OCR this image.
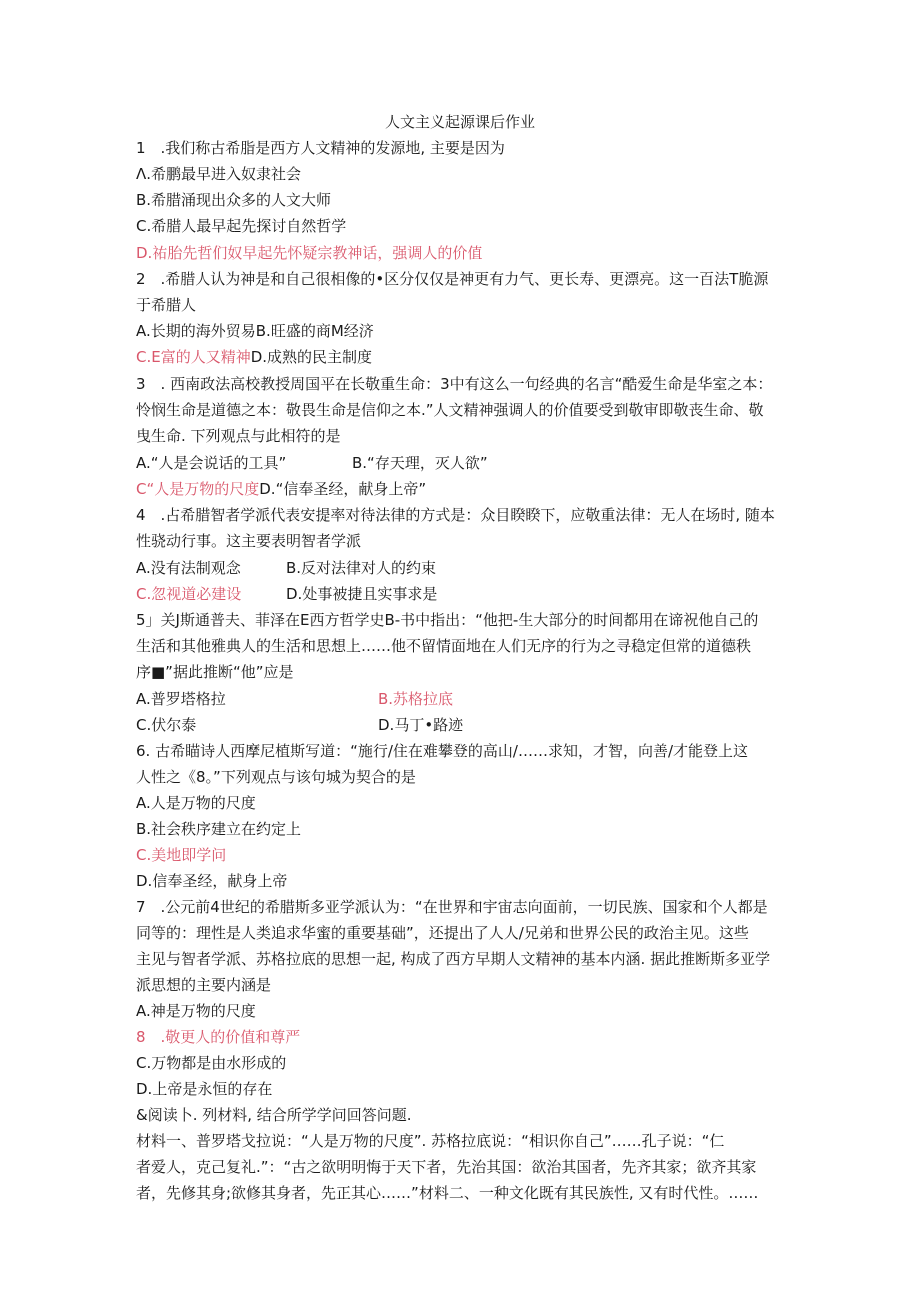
人文主义起源课后作业
1　.我们称古希脂是西方人文精神的发源地, 主要是因为
Λ.希鹏最早进入奴隶社会
B.希腊涌现出众多的人文大师
C.希腊人最早起先探讨自然哲学
D.祐胎先哲们奴早起先怀疑宗教神话，强调人的价值
2　.希腊人认为神是和自己很相像的•区分仅仅是神更有力气、更长寿、更漂亮。这一百法T脆源
于希腊人
A.长期的海外贸易B.旺盛的商M经济
C.E富的人又精神D.成熟的民主制度
3　. 西南政法高校教授周国平在长敬重生命：3中有这么一句经典的名言“酷爱生命是华室之本：
怜悯生命是道德之本：敬畏生命是信仰之本.”人文精神强调人的价值要受到敬审即敬丧生命、敬
曳生命. 下列观点与此相符的是
A.“人是会说话的工具”	B.“存天理，灭人欲”
C“人是万物的尺度D.“信奉圣经，献身上帝”
4　.占希腊智者学派代表安提率对待法律的方式是：众目睽睽下，应敬重法律：无人在场时, 随本
性骁动行事。这主要表明智者学派
A.没有法制观念	B.反对法律对人的约束
C.忽视道必建设	D.处事被捷且实事求是
5」关J斯通普夫、菲泽在E西方哲学史B-书中指出：“他把-生大部分的时间都用在谛祝他自己的
生活和其他雅典人的生活和思想上……他不留情面地在人们无序的行为之寻稳定但常的道德秩
序■”据此推断“他”应是
A.普罗塔格拉	B.苏格拉底
C.伏尔泰	D.马丁•路迹
6. 古希瞄诗人西摩尼植斯写道：“施行/住在难攀登的高山/……求知，才智，向善/才能登上这
人性之《8。”下列观点与该句城为契合的是
A.人是万物的尺度
B.社会秩序建立在约定上
C.美地即学问
D.信奉圣经，献身上帝
7　.公元前4世纪的希腊斯多亚学派认为：“在世界和宇宙志向面前，一切民族、国家和个人都是
同等的：理性是人类追求华蜜的重要基础”，还提出了人人/兄弟和世界公民的政治主见。这些
主见与智者学派、苏格拉底的思想一起, 构成了西方早期人文精神的基本内涵. 据此推断斯多亚学
派思想的主要内涵是
A.神是万物的尺度
8　.敬更人的价值和尊严
C.万物都是由水形成的
D.上帝是永恒的存在
&阅读卜. 列材料, 结合所学学问回答问题.
材料一、普罗塔戈拉说：“人是万物的尺度”. 苏格拉底说：“相识你自己”……孔子说：“仁
者爱人，克己复礼.”：“古之欲明明悔于天下者，先治其国：欲治其国者，先齐其家；欲齐其家
者，先修其身;欲修其身者，先正其心……”材料二、一种文化既有其民族性, 又有时代性。……
